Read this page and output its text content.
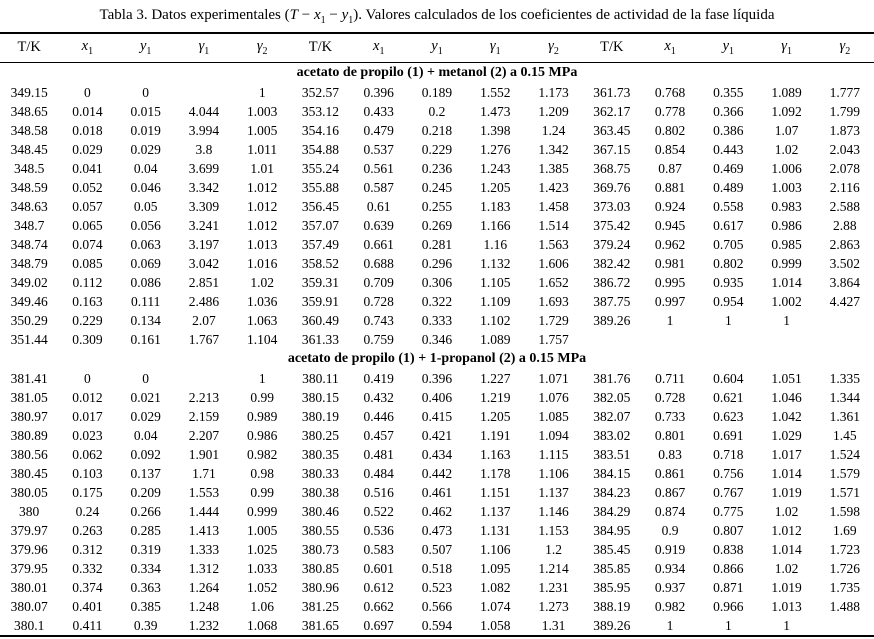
Tabla 3. Datos experimentales $(T - x_1 - y_1)$. Valores calculados de los coeficientes de actividad de la fase líquida
T/K	$x_1$	$y_1$	$\gamma_1$	$\gamma_2$	T/K	$x_1$	$y_1$	$\gamma_1$	$\gamma_2$	T/K	$x_1$	$y_1$	$\gamma_1$	$\gamma_2$
acetato de propilo (1) + metanol (2) a 0.15 MPa														
349.15	0	0		1	352.57	0.396	0.189	1.552	1.173	361.73	0.768	0.355	1.089	1.777
348.65	0.014	0.015	4.044	1.003	353.12	0.433	0.2	1.473	1.209	362.17	0.778	0.366	1.092	1.799
348.58	0.018	0.019	3.994	1.005	354.16	0.479	0.218	1.398	1.24	363.45	0.802	0.386	1.07	1.873
348.45	0.029	0.029	3.8	1.011	354.88	0.537	0.229	1.276	1.342	367.15	0.854	0.443	1.02	2.043
348.5	0.041	0.04	3.699	1.01	355.24	0.561	0.236	1.243	1.385	368.75	0.87	0.469	1.006	2.078
348.59	0.052	0.046	3.342	1.012	355.88	0.587	0.245	1.205	1.423	369.76	0.881	0.489	1.003	2.116
348.63	0.057	0.05	3.309	1.012	356.45	0.61	0.255	1.183	1.458	373.03	0.924	0.558	0.983	2.588
348.7	0.065	0.056	3.241	1.012	357.07	0.639	0.269	1.166	1.514	375.42	0.945	0.617	0.986	2.88
348.74	0.074	0.063	3.197	1.013	357.49	0.661	0.281	1.16	1.563	379.24	0.962	0.705	0.985	2.863
348.79	0.085	0.069	3.042	1.016	358.52	0.688	0.296	1.132	1.606	382.42	0.981	0.802	0.999	3.502
349.02	0.112	0.086	2.851	1.02	359.31	0.709	0.306	1.105	1.652	386.72	0.995	0.935	1.014	3.864
349.46	0.163	0.111	2.486	1.036	359.91	0.728	0.322	1.109	1.693	387.75	0.997	0.954	1.002	4.427
350.29	0.229	0.134	2.07	1.063	360.49	0.743	0.333	1.102	1.729	389.26	1	1	1	
351.44	0.309	0.161	1.767	1.104	361.33	0.759	0.346	1.089	1.757					
acetato de propilo (1) + 1-propanol (2) a 0.15 MPa														
381.41	0	0		1	380.11	0.419	0.396	1.227	1.071	381.76	0.711	0.604	1.051	1.335
381.05	0.012	0.021	2.213	0.99	380.15	0.432	0.406	1.219	1.076	382.05	0.728	0.621	1.046	1.344
380.97	0.017	0.029	2.159	0.989	380.19	0.446	0.415	1.205	1.085	382.07	0.733	0.623	1.042	1.361
380.89	0.023	0.04	2.207	0.986	380.25	0.457	0.421	1.191	1.094	383.02	0.801	0.691	1.029	1.45
380.56	0.062	0.092	1.901	0.982	380.35	0.481	0.434	1.163	1.115	383.51	0.83	0.718	1.017	1.524
380.45	0.103	0.137	1.71	0.98	380.33	0.484	0.442	1.178	1.106	384.15	0.861	0.756	1.014	1.579
380.05	0.175	0.209	1.553	0.99	380.38	0.516	0.461	1.151	1.137	384.23	0.867	0.767	1.019	1.571
380	0.24	0.266	1.444	0.999	380.46	0.522	0.462	1.137	1.146	384.29	0.874	0.775	1.02	1.598
379.97	0.263	0.285	1.413	1.005	380.55	0.536	0.473	1.131	1.153	384.95	0.9	0.807	1.012	1.69
379.96	0.312	0.319	1.333	1.025	380.73	0.583	0.507	1.106	1.2	385.45	0.919	0.838	1.014	1.723
379.95	0.332	0.334	1.312	1.033	380.85	0.601	0.518	1.095	1.214	385.85	0.934	0.866	1.02	1.726
380.01	0.374	0.363	1.264	1.052	380.96	0.612	0.523	1.082	1.231	385.95	0.937	0.871	1.019	1.735
380.07	0.401	0.385	1.248	1.06	381.25	0.662	0.566	1.074	1.273	388.19	0.982	0.966	1.013	1.488
380.1	0.411	0.39	1.232	1.068	381.65	0.697	0.594	1.058	1.31	389.26	1	1	1	
